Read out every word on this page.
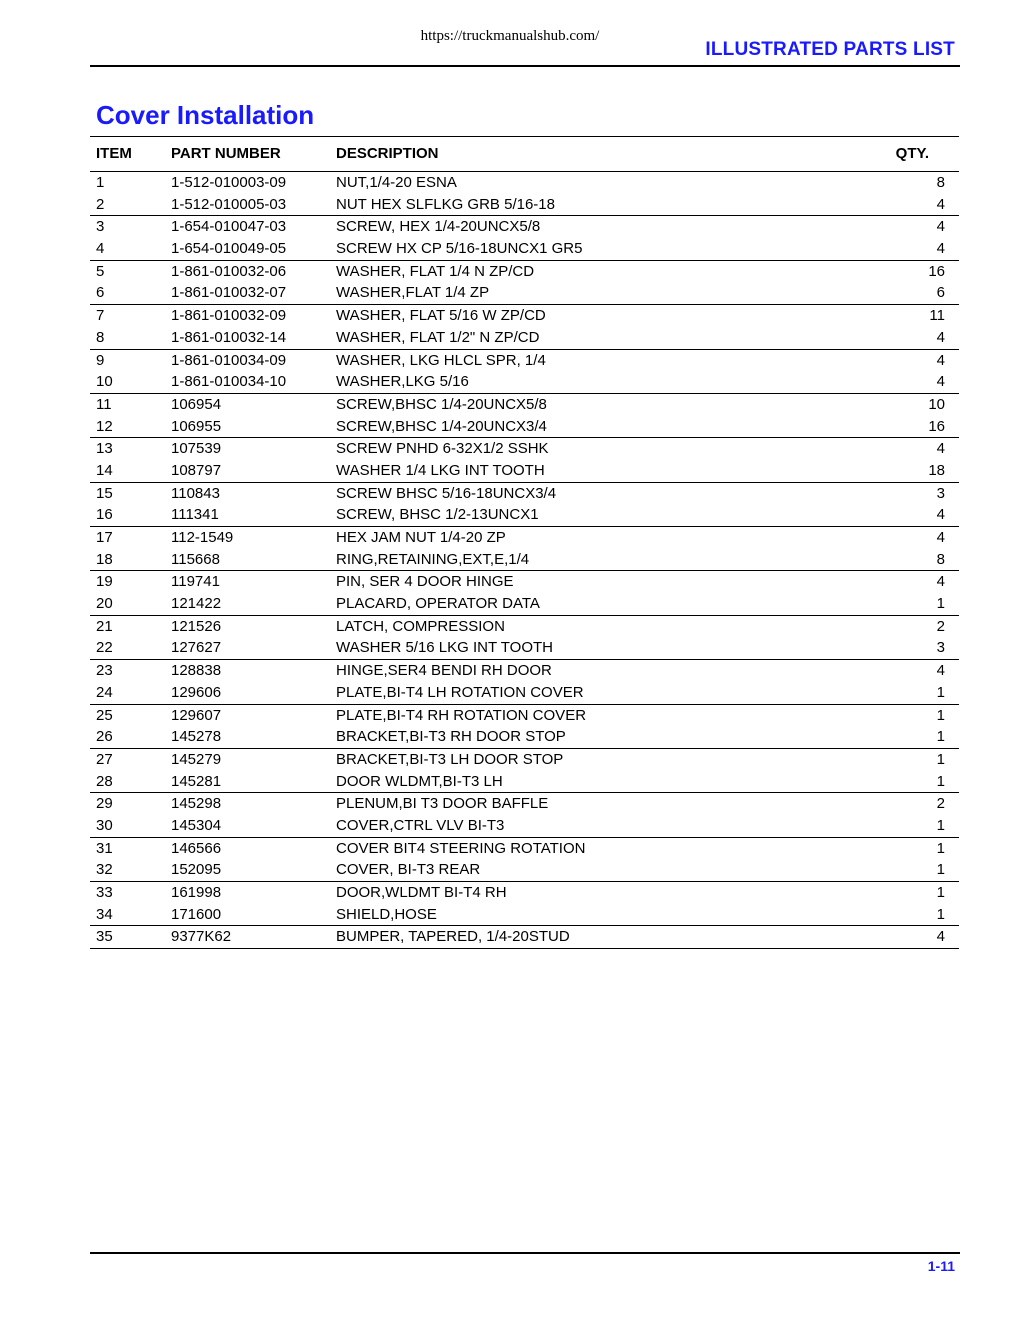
https://truckmanualshub.com/
ILLUSTRATED PARTS LIST
Cover Installation
ITEM	PART NUMBER	DESCRIPTION	QTY.
1	1-512-010003-09	NUT,1/4-20 ESNA	8
2	1-512-010005-03	NUT HEX SLFLKG GRB 5/16-18	4
3	1-654-010047-03	SCREW, HEX 1/4-20UNCX5/8	4
4	1-654-010049-05	SCREW HX CP 5/16-18UNCX1 GR5	4
5	1-861-010032-06	WASHER, FLAT 1/4 N ZP/CD	16
6	1-861-010032-07	WASHER,FLAT 1/4 ZP	6
7	1-861-010032-09	WASHER, FLAT 5/16 W ZP/CD	11
8	1-861-010032-14	WASHER, FLAT 1/2" N ZP/CD	4
9	1-861-010034-09	WASHER, LKG HLCL SPR, 1/4	4
10	1-861-010034-10	WASHER,LKG 5/16	4
11	106954	SCREW,BHSC 1/4-20UNCX5/8	10
12	106955	SCREW,BHSC 1/4-20UNCX3/4	16
13	107539	SCREW PNHD 6-32X1/2 SSHK	4
14	108797	WASHER 1/4 LKG INT TOOTH	18
15	110843	SCREW BHSC 5/16-18UNCX3/4	3
16	111341	SCREW, BHSC 1/2-13UNCX1	4
17	112-1549	HEX JAM NUT 1/4-20 ZP	4
18	115668	RING,RETAINING,EXT,E,1/4	8
19	119741	PIN, SER 4 DOOR HINGE	4
20	121422	PLACARD, OPERATOR DATA	1
21	121526	LATCH, COMPRESSION	2
22	127627	WASHER 5/16 LKG INT TOOTH	3
23	128838	HINGE,SER4 BENDI RH DOOR	4
24	129606	PLATE,BI-T4 LH ROTATION COVER	1
25	129607	PLATE,BI-T4 RH ROTATION COVER	1
26	145278	BRACKET,BI-T3 RH DOOR STOP	1
27	145279	BRACKET,BI-T3 LH DOOR STOP	1
28	145281	DOOR WLDMT,BI-T3 LH	1
29	145298	PLENUM,BI T3 DOOR BAFFLE	2
30	145304	COVER,CTRL VLV BI-T3	1
31	146566	COVER BIT4 STEERING ROTATION	1
32	152095	COVER, BI-T3 REAR	1
33	161998	DOOR,WLDMT BI-T4 RH	1
34	171600	SHIELD,HOSE	1
35	9377K62	BUMPER, TAPERED, 1/4-20STUD	4
1-11
